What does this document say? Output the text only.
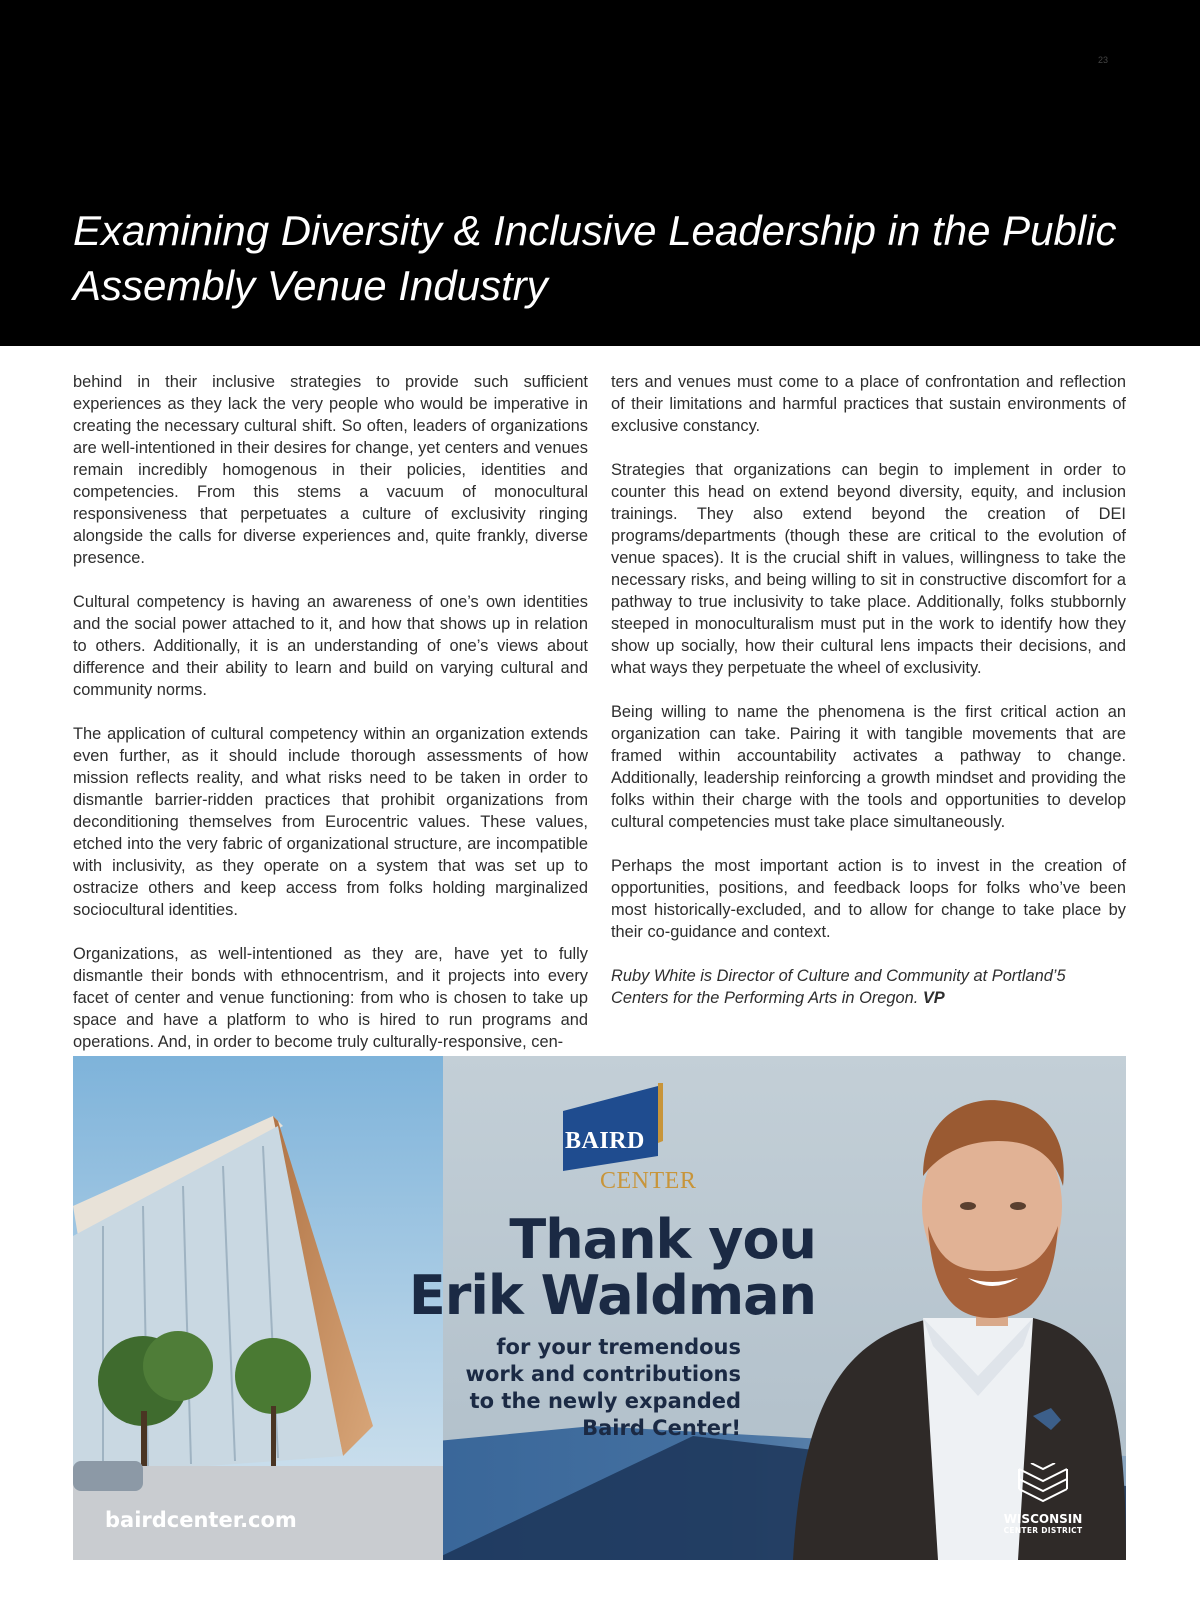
23
Examining Diversity & Inclusive Leadership in the Public Assembly Venue Industry

behind in their inclusive strategies to provide such sufficient experiences as they lack the very people who would be imperative in creating the necessary cultural shift. So often, leaders of organizations are well-intentioned in their desires for change, yet centers and venues remain incredibly homogenous in their policies, identities and competencies. From this stems a vacuum of monocultural responsiveness that perpetuates a culture of exclusivity ringing alongside the calls for diverse experiences and, quite frankly, diverse presence.

Cultural competency is having an awareness of one’s own identities and the social power attached to it, and how that shows up in relation to others. Additionally, it is an understanding of one’s views about difference and their ability to learn and build on varying cultural and community norms.

The application of cultural competency within an organization extends even further, as it should include thorough assessments of how mission reflects reality, and what risks need to be taken in order to dismantle barrier-ridden practices that prohibit organizations from deconditioning themselves from Eurocentric values. These values, etched into the very fabric of organizational structure, are incompatible with inclusivity, as they operate on a system that was set up to ostracize others and keep access from folks holding marginalized sociocultural identities.

Organizations, as well-intentioned as they are, have yet to fully dismantle their bonds with ethnocentrism, and it projects into every facet of center and venue functioning: from who is chosen to take up space and have a platform to who is hired to run programs and operations. And, in order to become truly culturally-responsive, cen-

ters and venues must come to a place of confrontation and reflection of their limitations and harmful practices that sustain environments of exclusive constancy.

Strategies that organizations can begin to implement in order to counter this head on extend beyond diversity, equity, and inclusion trainings. They also extend beyond the creation of DEI programs/departments (though these are critical to the evolution of venue spaces). It is the crucial shift in values, willingness to take the necessary risks, and being willing to sit in constructive discomfort for a pathway to true inclusivity to take place. Additionally, folks stubbornly steeped in monoculturalism must put in the work to identify how they show up socially, how their cultural lens impacts their decisions, and what ways they perpetuate the wheel of exclusivity.

Being willing to name the phenomena is the first critical action an organization can take. Pairing it with tangible movements that are framed within accountability activates a pathway to change. Additionally, leadership reinforcing a growth mindset and providing the folks within their charge with the tools and opportunities to develop cultural competencies must take place simultaneously.

Perhaps the most important action is to invest in the creation of opportunities, positions, and feedback loops for folks who’ve been most historically-excluded, and to allow for change to take place by their co-guidance and context.

Ruby White is Director of Culture and Community at Portland’5 Centers for the Performing Arts in Oregon. VP

BAIRD
CENTER
Thank you
Erik Waldman
for your tremendous
work and contributions
to the newly expanded
Baird Center!
bairdcenter.com	WISCONSIN
CENTER DISTRICT
